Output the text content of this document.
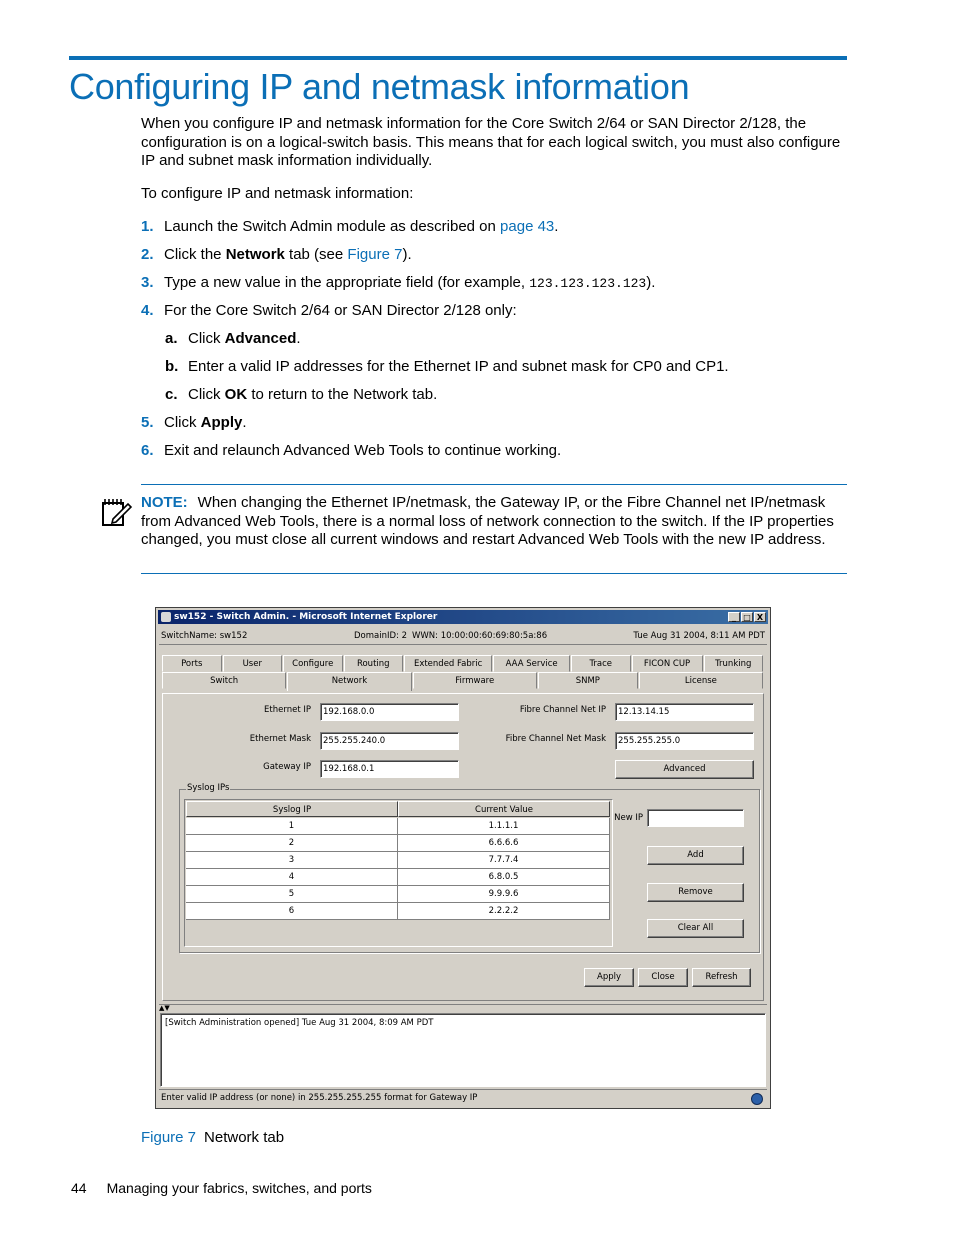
Configuring IP and netmask information

When you configure IP and netmask information for the Core Switch 2/64 or SAN Director 2/128, the configuration is on a logical-switch basis. This means that for each logical switch, you must also configure IP and subnet mask information individually.

To configure IP and netmask information:

1. Launch the Switch Admin module as described on page 43.
2. Click the Network tab (see Figure 7).
3. Type a new value in the appropriate field (for example, 123.123.123.123).
4. For the Core Switch 2/64 or SAN Director 2/128 only:
a. Click Advanced.
b. Enter a valid IP addresses for the Ethernet IP and subnet mask for CP0 and CP1.
c. Click OK to return to the Network tab.
5. Click Apply.
6. Exit and relaunch Advanced Web Tools to continue working.

NOTE: When changing the Ethernet IP/netmask, the Gateway IP, or the Fibre Channel net IP/netmask from Advanced Web Tools, there is a normal loss of network connection to the switch. If the IP properties changed, you must close all current windows and restart Advanced Web Tools with the new IP address.

sw152 - Switch Admin. - Microsoft Internet Explorer	_ □ X
SwitchName: sw152	DomainID: 2 WWN: 10:00:00:60:69:80:5a:86	Tue Aug 31 2004, 8:11 AM PDT
Ports	User	Configure	Routing	Extended Fabric	AAA Service	Trace	FICON CUP	Trunking
Switch	Network	Firmware	SNMP	License
Ethernet IP	192.168.0.0
Ethernet Mask	255.255.240.0
Gateway IP	192.168.0.1
Fibre Channel Net IP	12.13.14.15
Fibre Channel Net Mask	255.255.255.0
Advanced
Syslog IPs
Syslog IP	Current Value
1	1.1.1.1
2	6.6.6.6
3	7.7.7.4
4	6.8.0.5
5	9.9.9.6
6	2.2.2.2
New IP
Add
Remove
Clear All
Apply	Close	Refresh
▲▼
[Switch Administration opened] Tue Aug 31 2004, 8:09 AM PDT
Enter valid IP address (or none) in 255.255.255.255 format for Gateway IP

Figure 7 Network tab

44 Managing your fabrics, switches, and ports
